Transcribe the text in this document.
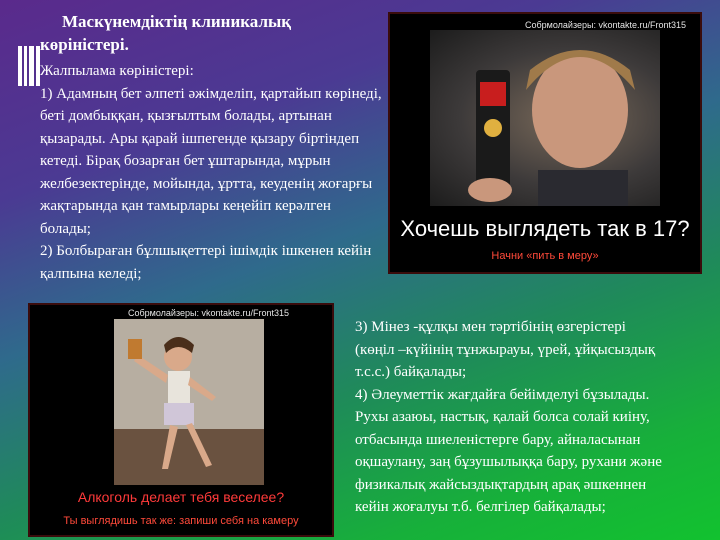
Маскүнемдіктің клиникалық
көріністері.

Жалпылама көріністері:

1) Адамның бет әлпеті әжімделіп, қартайып көрінеді, беті домбыққан, қызғылтым болады, артынан қызарады. Ары қарай ішпегенде қызару біртіндеп кетеді. Бірақ бозарған бет ұштарында, мұрын желбезектерінде, мойында, ұртта, кеуденің жоғарғы жақтарында қан тамырлары кеңейіп керәлген болады;

2) Болбыраған бұлшықеттері ішімдік ішкенен кейін қалпына келеді;

Собрмолайзеры: vkontakte.ru/Front315
Хочешь выглядеть так в 17?
Начни «пить в меру»
Собрмолайзеры: vkontakte.ru/Front315
Алкоголь делает тебя веселее?
Ты выглядишь так же: запиши себя на камеру

3) Мінез -құлқы мен тәртібінің өзгерістері

(көңіл –күйінің тұнжырауы, үрей, ұйқысыздық

т.с.с.) байқалады;

4) Әлеуметтік жағдайға бейімделуі бұзылады.

Рухы азаюы, настық, қалай болса солай киіну,

отбасында шиеленістерге бару, айналасынан

оқшаулану, заң бұзушылыққа бару, рухани және

физикалық жайсыздықтардың арақ әшкеннен

кейін жоғалуы т.б. белгілер байқалады;
